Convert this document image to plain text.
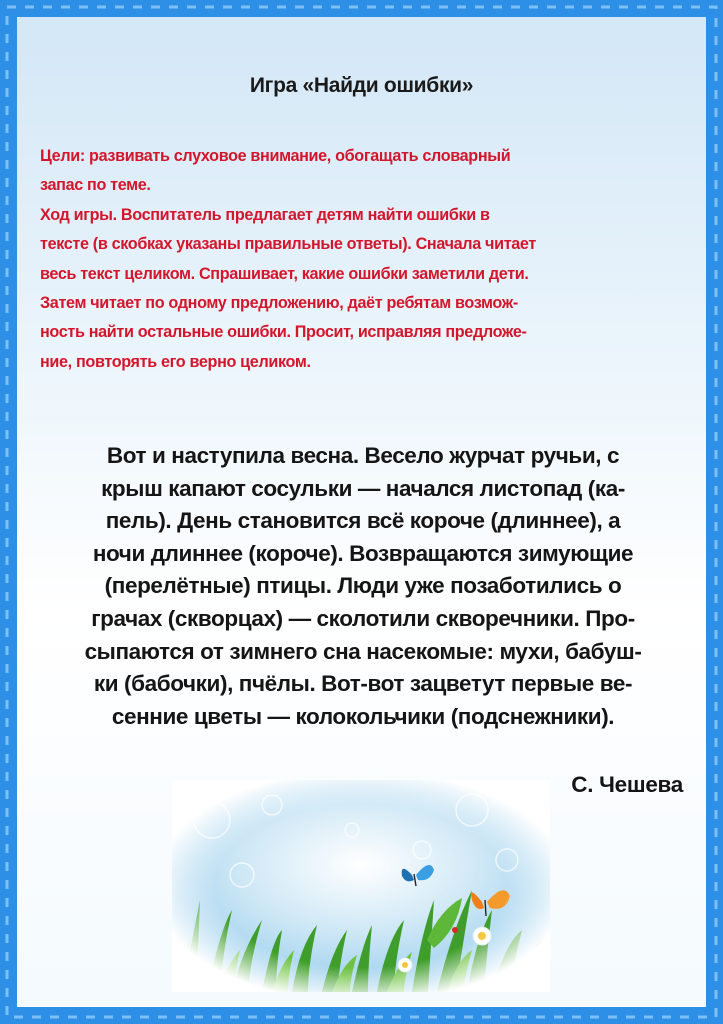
Игра «Найди ошибки»
Цели: развивать слуховое внимание, обогащать словарный
запас по теме.
Ход игры. Воспитатель предлагает детям найти ошибки в
тексте (в скобках указаны правильные ответы). Сначала читает
весь текст целиком. Спрашивает, какие ошибки заметили дети.
Затем читает по одному предложению, даёт ребятам возмож-
ность найти остальные ошибки. Просит, исправляя предложе-
ние, повторять его верно целиком.
Вот и наступила весна. Весело журчат ручьи, с
крыш капают сосульки — начался листопад (ка-
пель). День становится всё короче (длиннее), а
ночи длиннее (короче). Возвращаются зимующие
(перелётные) птицы. Люди уже позаботились о
грачах (скворцах) — сколотили скворечники. Про-
сыпаются от зимнего сна насекомые: мухи, бабуш-
ки (бабочки), пчёлы. Вот-вот зацветут первые ве-
сенние цветы — колокольчики (подснежники).
С. Чешева
